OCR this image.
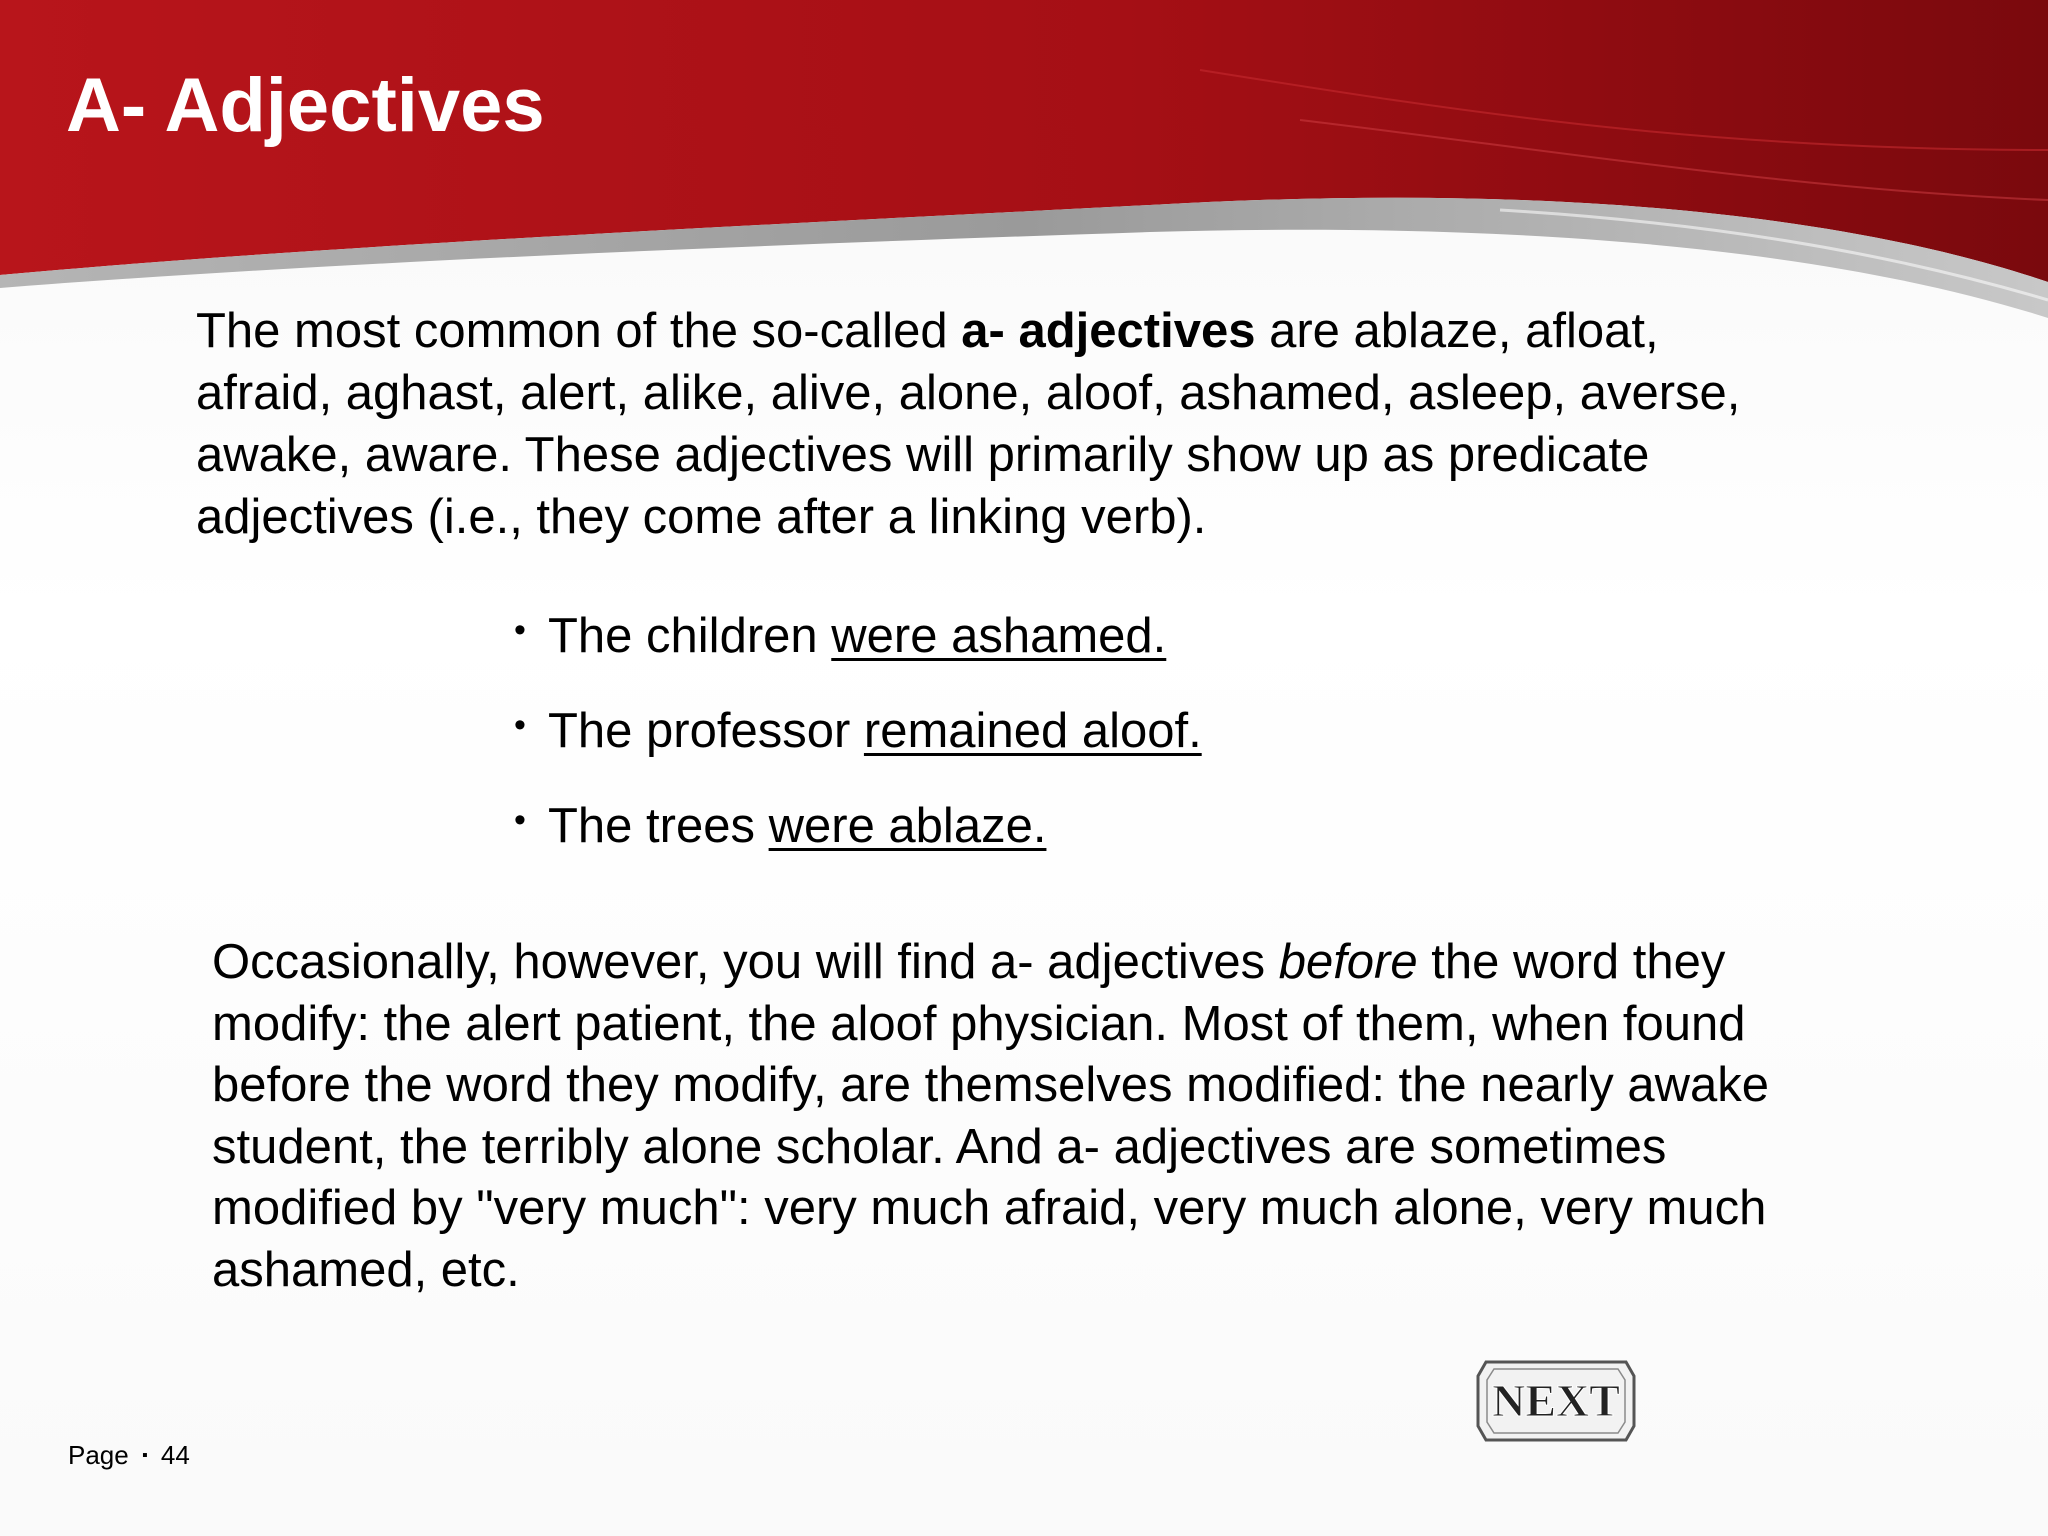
A- Adjectives

The most common of the so-called a- adjectives are ablaze, afloat, afraid, aghast, alert, alike, alive, alone, aloof, ashamed, asleep, averse, awake, aware. These adjectives will primarily show up as predicate adjectives (i.e., they come after a linking verb).

• The children were ashamed.
• The professor remained aloof.
• The trees were ablaze.

Occasionally, however, you will find a- adjectives before the word they modify: the alert patient, the aloof physician. Most of them, when found before the word they modify, are themselves modified: the nearly awake student, the terribly alone scholar. And a- adjectives are sometimes modified by "very much": very much afraid, very much alone, very much ashamed, etc.

NEXT
Page ▪ 44
